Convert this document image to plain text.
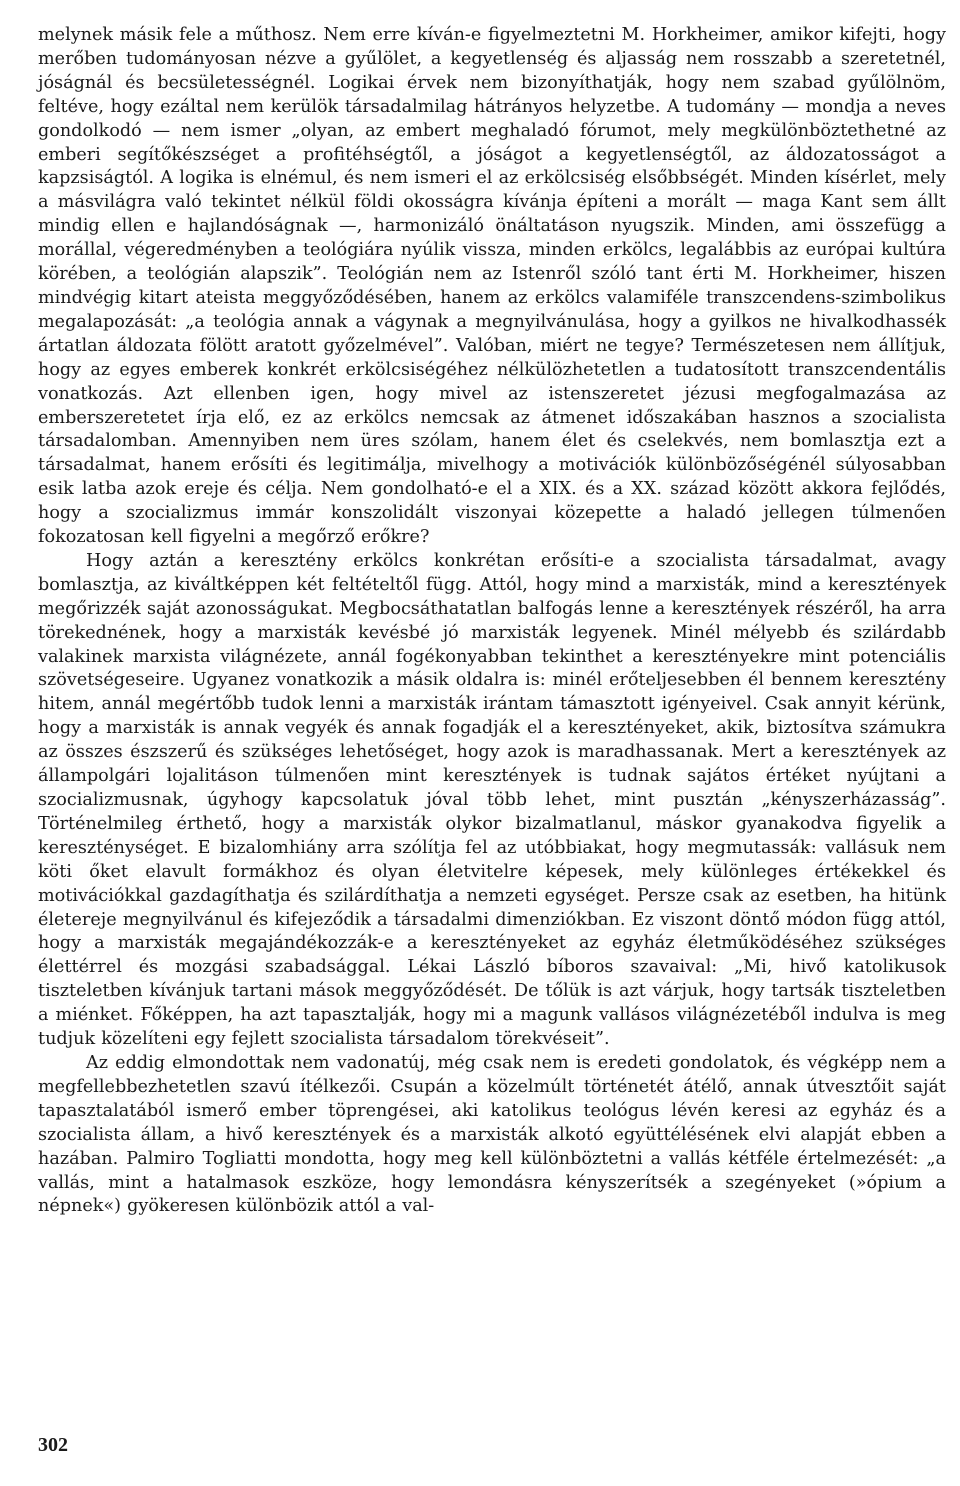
melynek másik fele a műthosz. Nem erre kíván-e figyelmeztetni M. Horkheimer, amikor kifejti, hogy merőben tudományosan nézve a gyűlölet, a kegyetlenség és aljasság nem rosszabb a szeretetnél, jóságnál és becsületességnél. Logikai érvek nem bizonyíthatják, hogy nem szabad gyűlölnöm, feltéve, hogy ezáltal nem kerülök társadalmilag hátrányos helyzetbe. A tudomány — mondja a neves gondolkodó — nem ismer „olyan, az embert meghaladó fórumot, mely megkülönböztethetné az emberi segítőkészséget a profitéhségtől, a jóságot a kegyetlenségtől, az áldozatosságot a kapzsiságtól. A logika is elnémul, és nem ismeri el az erkölcsiség elsőbbségét. Minden kísérlet, mely a másvilágra való tekintet nélkül földi okosságra kívánja építeni a morált — maga Kant sem állt mindig ellen e hajlandóságnak —, harmonizáló önáltatáson nyugszik. Minden, ami összefügg a morállal, végeredményben a teológiára nyúlik vissza, minden erkölcs, legalábbis az európai kultúra körében, a teológián alapszik”. Teológián nem az Istenről szóló tant érti M. Horkheimer, hiszen mindvégig kitart ateista meggyőződésében, hanem az erkölcs valamiféle transzcendens-szimbolikus megalapozását: „a teológia annak a vágynak a megnyilvánulása, hogy a gyilkos ne hivalkodhassék ártatlan áldozata fölött aratott győzelmével”. Valóban, miért ne tegye? Természetesen nem állítjuk, hogy az egyes emberek konkrét erkölcsiségéhez nélkülözhetetlen a tudatosított transzcendentális vonatkozás. Azt ellenben igen, hogy mivel az istenszeretet jézusi megfogalmazása az emberszeretetet írja elő, ez az erkölcs nemcsak az átmenet időszakában hasznos a szocialista társadalomban. Amennyiben nem üres szólam, hanem élet és cselekvés, nem bomlasztja ezt a társadalmat, hanem erősíti és legitimálja, mivelhogy a motivációk különbözőségénél súlyosabban esik latba azok ereje és célja. Nem gondolható-e el a XIX. és a XX. század között akkora fejlődés, hogy a szocializmus immár konszolidált viszonyai közepette a haladó jellegen túlmenően fokozatosan kell figyelni a megőrző erőkre?

Hogy aztán a keresztény erkölcs konkrétan erősíti-e a szocialista társadalmat, avagy bomlasztja, az kiváltképpen két feltételtől függ. Attól, hogy mind a marxisták, mind a keresztények megőrizzék saját azonosságukat. Megbocsáthatatlan balfogás lenne a keresztények részéről, ha arra törekednének, hogy a marxisták kevésbé jó marxisták legyenek. Minél mélyebb és szilárdabb valakinek marxista világnézete, annál fogékonyabban tekinthet a keresztényekre mint potenciális szövetségeseire. Ugyanez vonatkozik a másik oldalra is: minél erőteljesebben él bennem keresztény hitem, annál megértőbb tudok lenni a marxisták irántam támasztott igényeivel. Csak annyit kérünk, hogy a marxisták is annak vegyék és annak fogadják el a keresztényeket, akik, biztosítva számukra az összes észszerű és szükséges lehetőséget, hogy azok is maradhassanak. Mert a keresztények az állampolgári lojalitáson túlmenően mint keresztények is tudnak sajátos értéket nyújtani a szocializmusnak, úgyhogy kapcsolatuk jóval több lehet, mint pusztán „kényszerházasság”. Történelmileg érthető, hogy a marxisták olykor bizalmatlanul, máskor gyanakodva figyelik a kereszténységet. E bizalomhiány arra szólítja fel az utóbbiakat, hogy megmutassák: vallásuk nem köti őket elavult formákhoz és olyan életvitelre képesek, mely különleges értékekkel és motivációkkal gazdagíthatja és szilárdíthatja a nemzeti egységet. Persze csak az esetben, ha hitünk életereje megnyilvánul és kifejeződik a társadalmi dimenziókban. Ez viszont döntő módon függ attól, hogy a marxisták megajándékozzák-e a keresztényeket az egyház életműködéséhez szükséges élettérrel és mozgási szabadsággal. Lékai László bíboros szavaival: „Mi, hivő katolikusok tiszteletben kívánjuk tartani mások meggyőződését. De tőlük is azt várjuk, hogy tartsák tiszteletben a miénket. Főképpen, ha azt tapasztalják, hogy mi a magunk vallásos világnézetéből indulva is meg tudjuk közelíteni egy fejlett szocialista társadalom törekvéseit”.

Az eddig elmondottak nem vadonatúj, még csak nem is eredeti gondolatok, és végképp nem a megfellebbezhetetlen szavú ítélkezői. Csupán a közelmúlt történetét átélő, annak útvesztőit saját tapasztalatából ismerő ember töprengései, aki katolikus teológus lévén keresi az egyház és a szocialista állam, a hivő keresztények és a marxisták alkotó együttélésének elvi alapját ebben a hazában. Palmiro Togliatti mondotta, hogy meg kell különböztetni a vallás kétféle értelmezését: „a vallás, mint a hatalmasok eszköze, hogy lemondásra kényszerítsék a szegényeket (»ópium a népnek«) gyökeresen különbözik attól a val-

302
